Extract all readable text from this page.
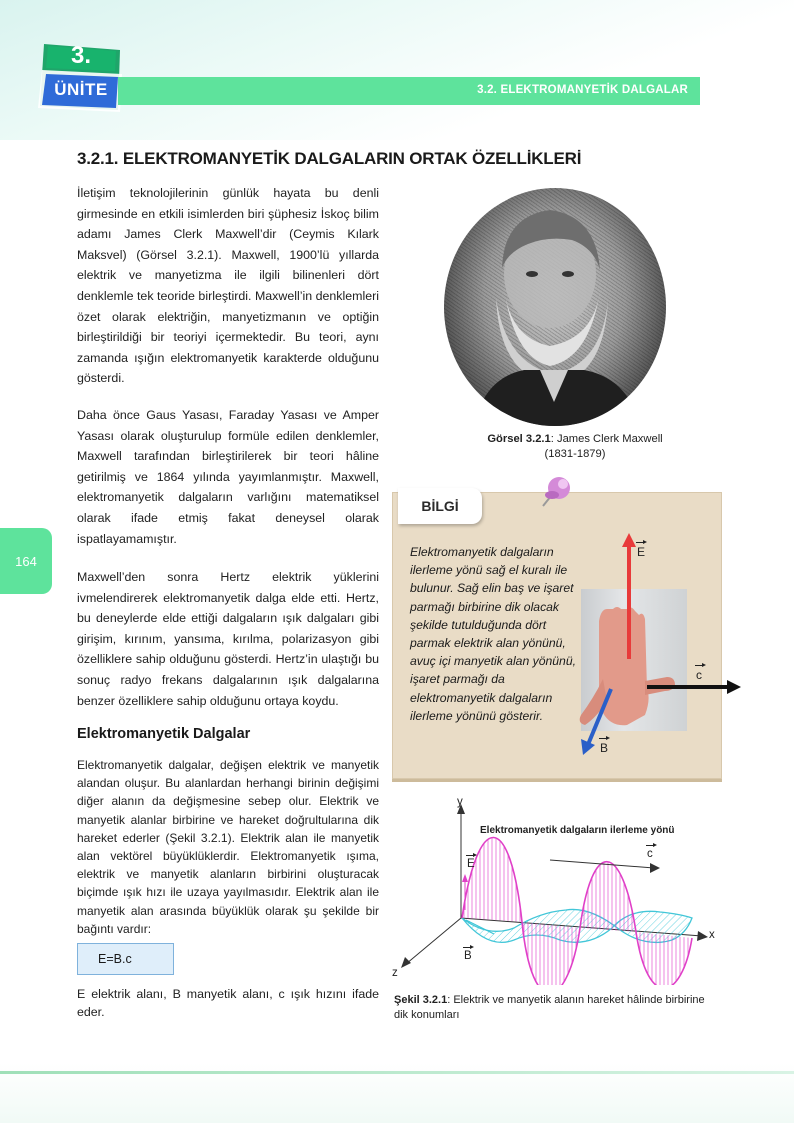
3.
ÜNİTE	3.2. ELEKTROMANYETİK DALGALAR
164
3.2.1. ELEKTROMANYETİK DALGALARIN ORTAK ÖZELLİKLERİ

İletişim teknolojilerinin günlük hayata bu denli girmesinde en etkili isimlerden biri şüphesiz İskoç bilim adamı James Clerk Maxwell’dir (Ceymis Kılark Maksvel) (Görsel 3.2.1). Maxwell, 1900’lü yıllarda elektrik ve manyetizma ile ilgili bilinenleri dört denklemle tek teoride birleştirdi. Maxwell’in denklemleri özet olarak elektriğin, manyetizmanın ve optiğin birleştirildiği bir teoriyi içermektedir. Bu teori, aynı zamanda ışığın elektromanyetik karakterde olduğunu gösterdi.

Daha önce Gaus Yasası, Faraday Yasası ve Amper Yasası olarak oluşturulup formüle edilen denklemler, Maxwell tarafından birleştirilerek bir teori hâline getirilmiş ve 1864 yılında yayımlanmıştır. Maxwell, elektromanyetik dalgaların varlığını matematiksel olarak ifade etmiş fakat deneysel olarak ispatlayamamıştır.

Maxwell’den sonra Hertz elektrik yüklerini ivmelendirerek elektromanyetik dalga elde etti. Hertz, bu deneylerde elde ettiği dalgaların ışık dalgaları gibi girişim, kırınım, yansıma, kırılma, polarizasyon gibi özelliklere sahip olduğunu gösterdi. Hertz’in ulaştığı bu sonuç radyo frekans dalgalarının ışık dalgalarına benzer özelliklere sahip olduğunu ortaya koydu.

Elektromanyetik Dalgalar

Elektromanyetik dalgalar, değişen elektrik ve manyetik alandan oluşur. Bu alanlardan herhangi birinin değişimi diğer alanın da değişmesine sebep olur. Elektrik ve manyetik alanlar birbirine ve hareket doğrultularına dik hareket ederler (Şekil 3.2.1). Elektrik alan ile manyetik alan vektörel büyüklüklerdir. Elektromanyetik ışıma, elektrik ve manyetik alanların birbirini oluşturacak biçimde ışık hızı ile uzaya yayılmasıdır. Elektrik alan ile manyetik alan arasında büyüklük olarak şu şekilde bir bağıntı vardır:

E=B.c

E elektrik alanı, B manyetik alanı, c ışık hızını ifade eder.

Görsel 3.2.1: James Clerk Maxwell
(1831-1879)
BİLGİ

Elektromanyetik dalgaların ilerleme yönü sağ el kuralı ile bulunur. Sağ elin baş ve işaret parmağı birbirine dik olacak şekilde tutulduğunda dört parmak elektrik alan yönünü, avuç içi manyetik alan yönünü, işaret parmağı da elektromanyetik dalgaların ilerleme yönünü gösterir.

E
c
B
Elektromanyetik dalgaların ilerleme yönü
y
x
z
E
B
c
Şekil 3.2.1: Elektrik ve manyetik alanın hareket hâlinde birbirine dik konumları
